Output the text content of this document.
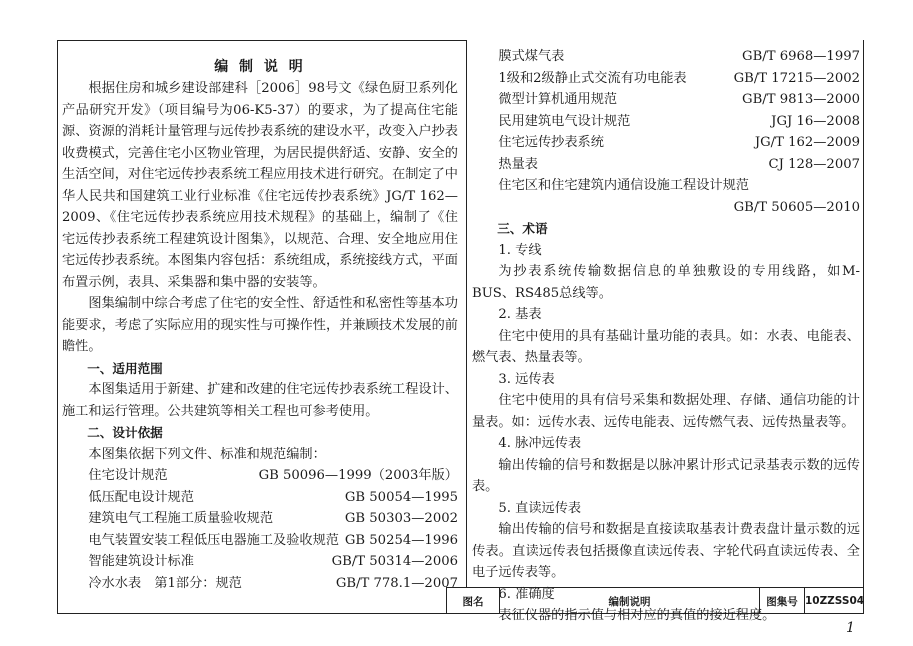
编 制 说 明
根据住房和城乡建设部建科［2006］98号文《绿色厨卫系列化产品研究开发》（项目编号为06-K5-37）的要求，为了提高住宅能源、资源的消耗计量管理与远传抄表系统的建设水平，改变入户抄表收费模式，完善住宅小区物业管理，为居民提供舒适、安静、安全的生活空间，对住宅远传抄表系统工程应用技术进行研究。在制定了中华人民共和国建筑工业行业标准《住宅远传抄表系统》JG/T 162—2009、《住宅远传抄表系统应用技术规程》的基础上，编制了《住宅远传抄表系统工程建筑设计图集》，以规范、合理、安全地应用住宅远传抄表系统。本图集内容包括：系统组成，系统接线方式，平面布置示例，表具、采集器和集中器的安装等。
图集编制中综合考虑了住宅的安全性、舒适性和私密性等基本功能要求，考虑了实际应用的现实性与可操作性，并兼顾技术发展的前瞻性。
一、适用范围
本图集适用于新建、扩建和改建的住宅远传抄表系统工程设计、施工和运行管理。公共建筑等相关工程也可参考使用。
二、设计依据
本图集依据下列文件、标准和规范编制：
住宅设计规范	GB 50096—1999（2003年版）
低压配电设计规范	GB 50054—1995
建筑电气工程施工质量验收规范	GB 50303—2002
电气装置安装工程低压电器施工及验收规范 GB 50254—1996
智能建筑设计标准	GB/T 50314—2006
冷水水表　第1部分：规范	GB/T 778.1—2007
膜式煤气表	GB/T 6968—1997
1级和2级静止式交流有功电能表	GB/T 17215—2002
微型计算机通用规范	GB/T 9813—2000
民用建筑电气设计规范	JGJ 16—2008
住宅远传抄表系统	JG/T 162—2009
热量表	CJ 128—2007
住宅区和住宅建筑内通信设施工程设计规范
GB/T 50605—2010
三、术语
1. 专线
为抄表系统传输数据信息的单独敷设的专用线路，如M-BUS、RS485总线等。
2. 基表
住宅中使用的具有基础计量功能的表具。如：水表、电能表、燃气表、热量表等。
3. 远传表
住宅中使用的具有信号采集和数据处理、存储、通信功能的计量表。如：远传水表、远传电能表、远传燃气表、远传热量表等。
4. 脉冲远传表
输出传输的信号和数据是以脉冲累计形式记录基表示数的远传表。
5. 直读远传表
输出传输的信号和数据是直接读取基表计费表盘计量示数的远传表。直读远传表包括摄像直读远传表、字轮代码直读远传表、全电子远传表等。
6. 准确度
表征仪器的指示值与相对应的真值的接近程度。
图名	编制说明	图集号 10ZZSS04
1
